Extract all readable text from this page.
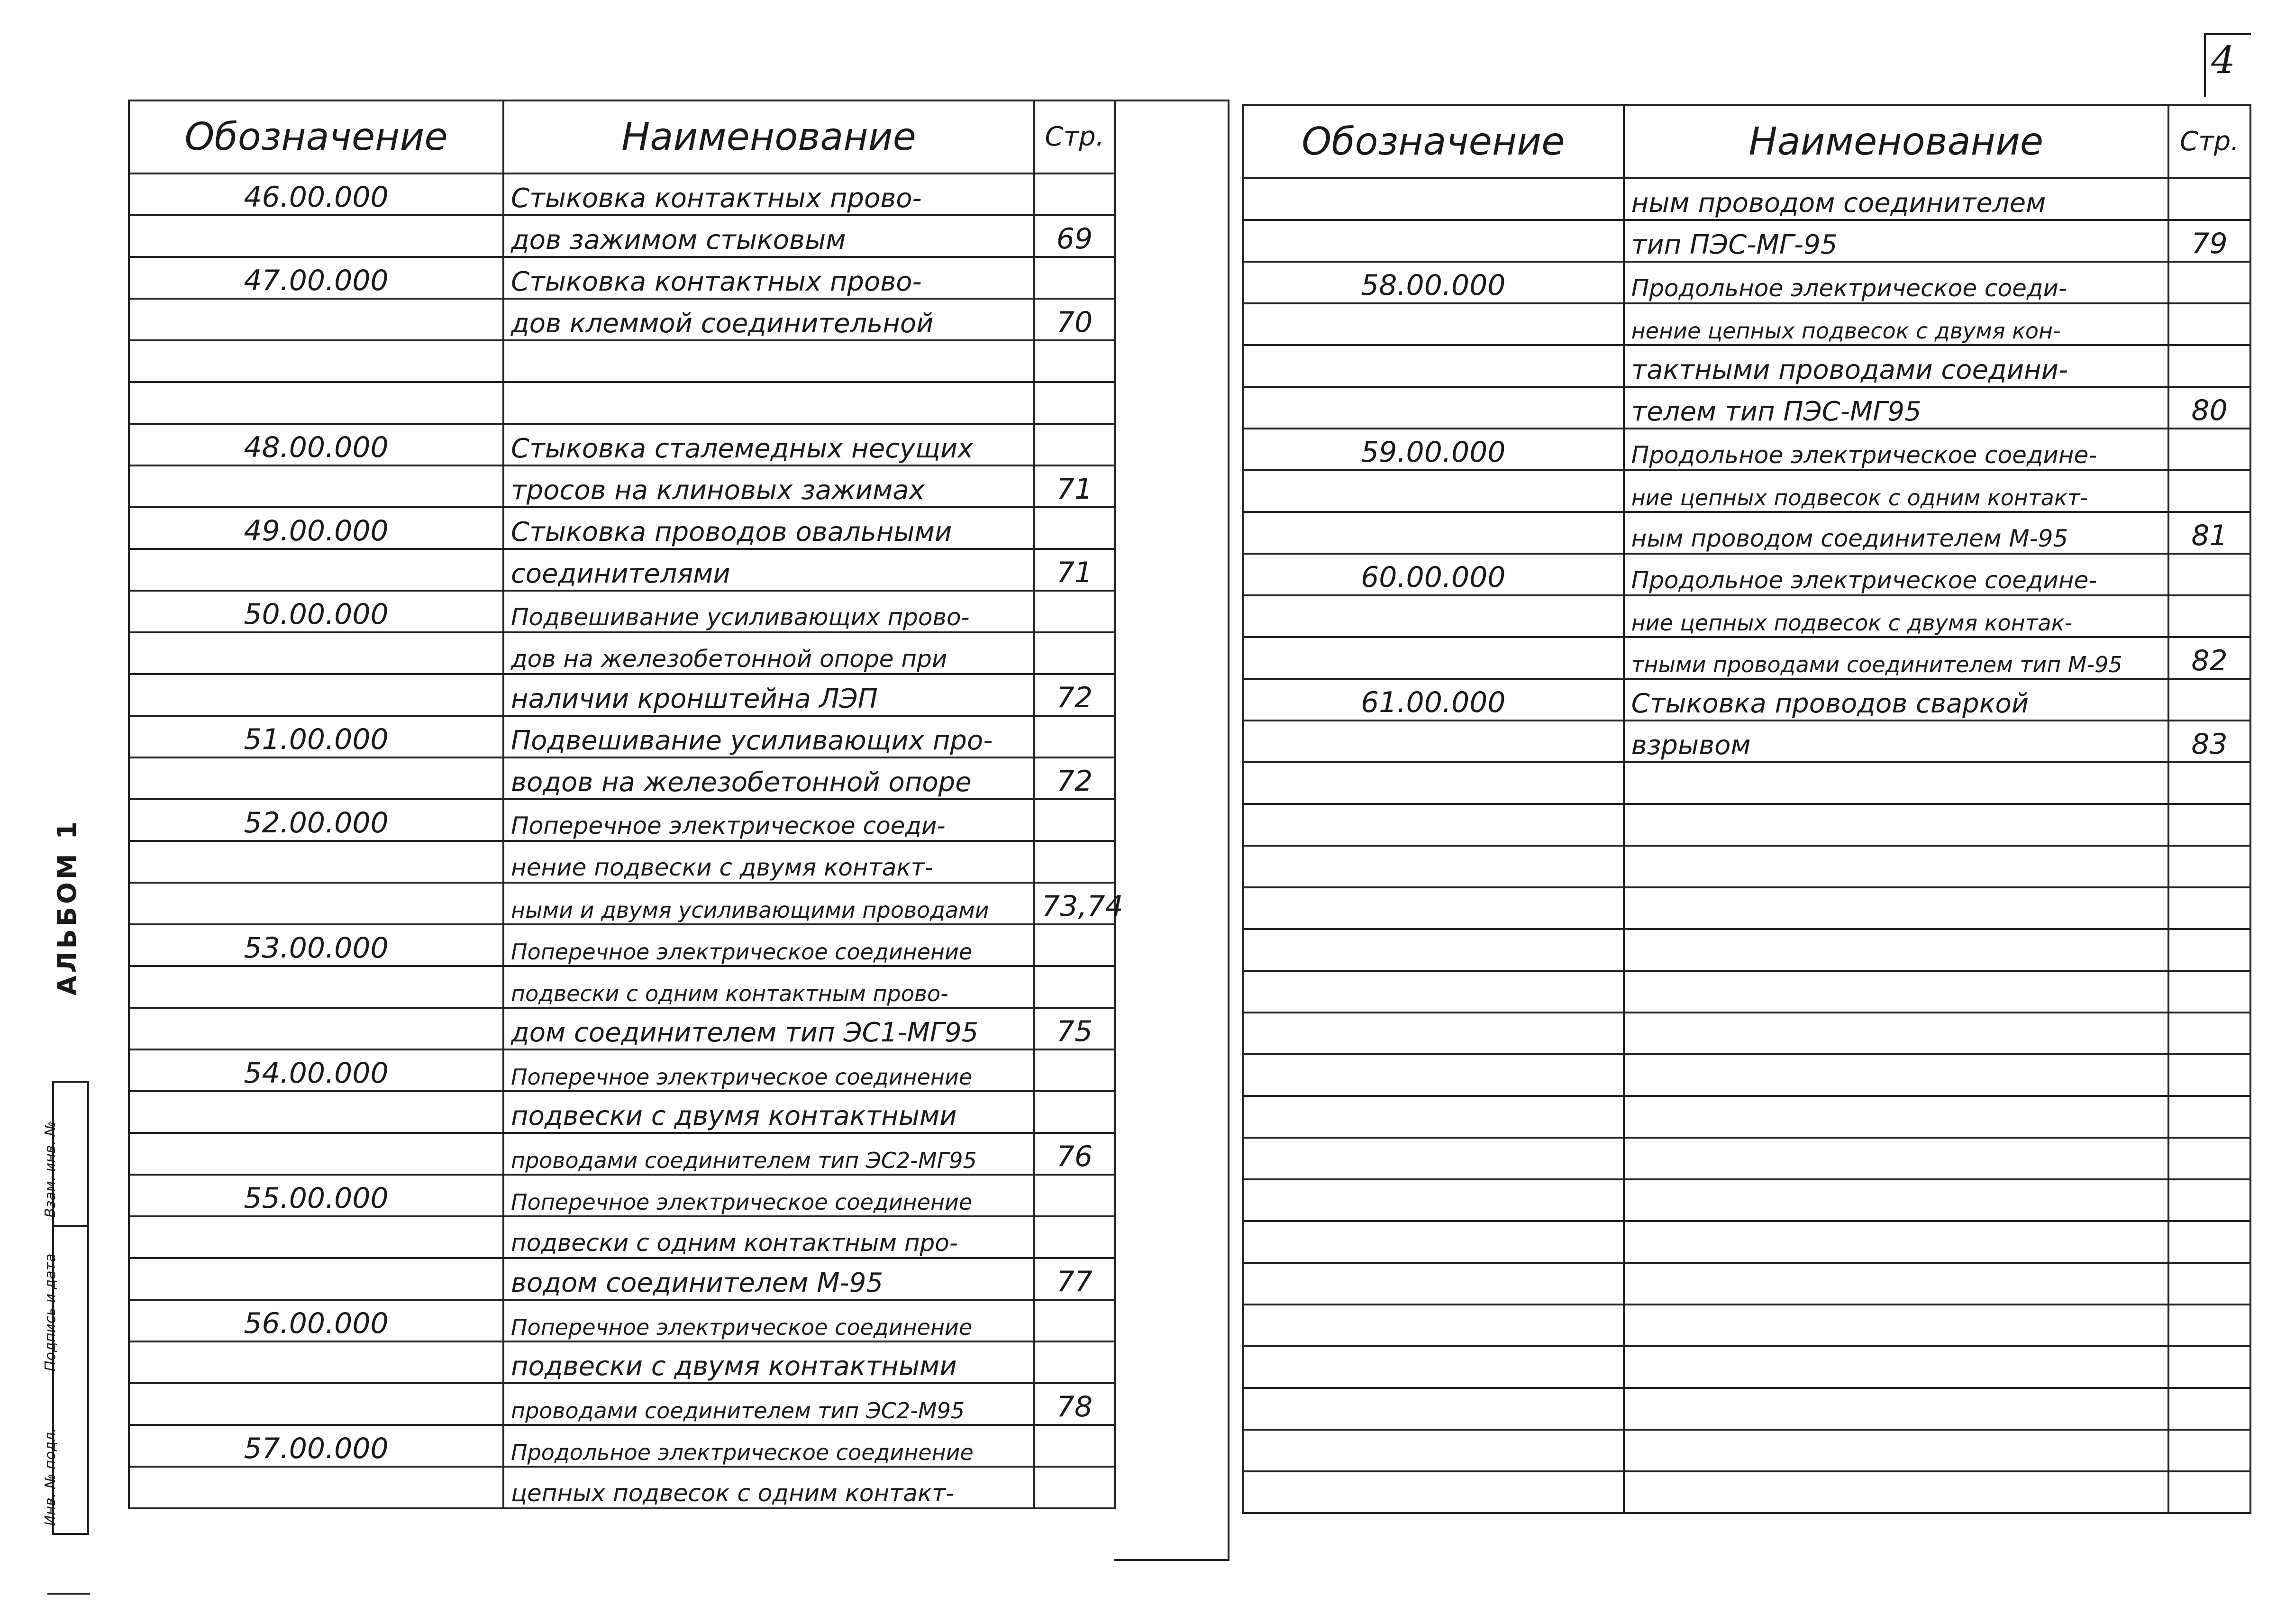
4
АЛЬБОМ 1
Инв. № подл.
Подпись и дата
Взам. инв. №
Обозначение	Наименование	Стр.
46.00.000	Стыковка контактных прово-	
	дов зажимом стыковым	69
47.00.000	Стыковка контактных прово-	
	дов клеммой соединительной	70

48.00.000	Стыковка сталемедных несущих	
	тросов на клиновых зажимах	71
49.00.000	Стыковка проводов овальными	
	соединителями	71
50.00.000	Подвешивание усиливающих прово-	
	дов на железобетонной опоре при	
	наличии кронштейна ЛЭП	72
51.00.000	Подвешивание усиливающих про-	
	водов на железобетонной опоре	72
52.00.000	Поперечное электрическое соеди-	
	нение подвески с двумя контакт-	
	ными и двумя усиливающими проводами	73,74
53.00.000	Поперечное электрическое соединение	
	подвески с одним контактным прово-	
	дом соединителем тип ЭС1-МГ95	75
54.00.000	Поперечное электрическое соединение	
	подвески с двумя контактными	
	проводами соединителем тип ЭС2-МГ95	76
55.00.000	Поперечное электрическое соединение	
	подвески с одним контактным про-	
	водом соединителем М-95	77
56.00.000	Поперечное электрическое соединение	
	подвески с двумя контактными	
	проводами соединителем тип ЭС2-М95	78
57.00.000	Продольное электрическое соединение	
	цепных подвесок с одним контакт-	
Обозначение	Наименование	Стр.
	ным проводом соединителем	
	тип ПЭС-МГ-95	79
58.00.000	Продольное электрическое соеди-	
	нение цепных подвесок с двумя кон-	
	тактными проводами соедини-	
	телем тип ПЭС-МГ95	80
59.00.000	Продольное электрическое соедине-	
	ние цепных подвесок с одним контакт-	
	ным проводом соединителем М-95	81
60.00.000	Продольное электрическое соедине-	
	ние цепных подвесок с двумя контак-	
	тными проводами соединителем тип М-95	82
61.00.000	Стыковка проводов сваркой	
	взрывом	83
